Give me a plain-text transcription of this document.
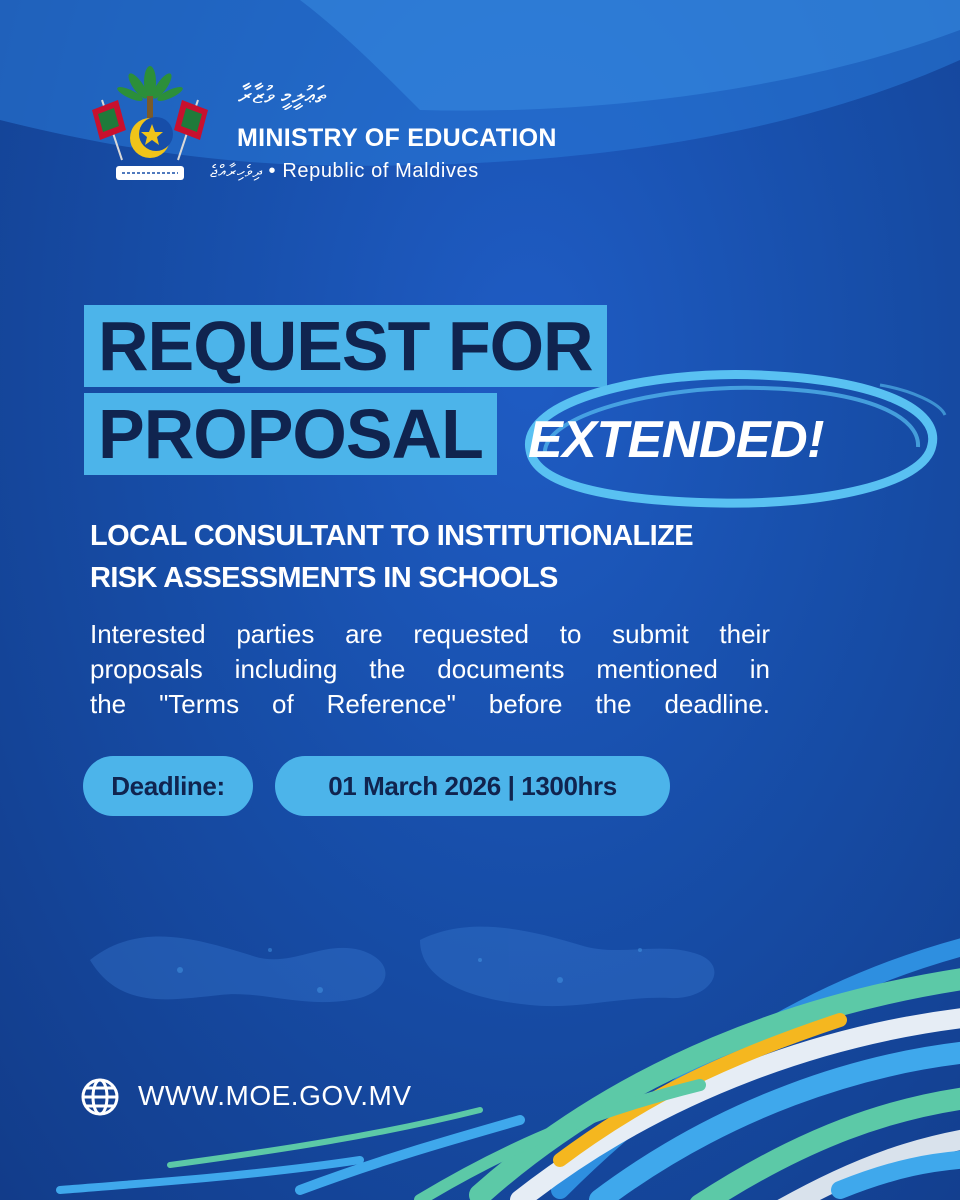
ތަޢުލީމީ ވުޒާރާ
MINISTRY OF EDUCATION
ދިވެހިރާއްޖެ • Republic of Maldives
REQUEST FOR
PROPOSAL EXTENDED!
LOCAL CONSULTANT TO INSTITUTIONALIZE
RISK ASSESSMENTS IN SCHOOLS
Interested parties are requested to submit their
proposals including the documents mentioned in
the "Terms of Reference" before the deadline.
Deadline:	01 March 2026 | 1300hrs
WWW.MOE.GOV.MV
